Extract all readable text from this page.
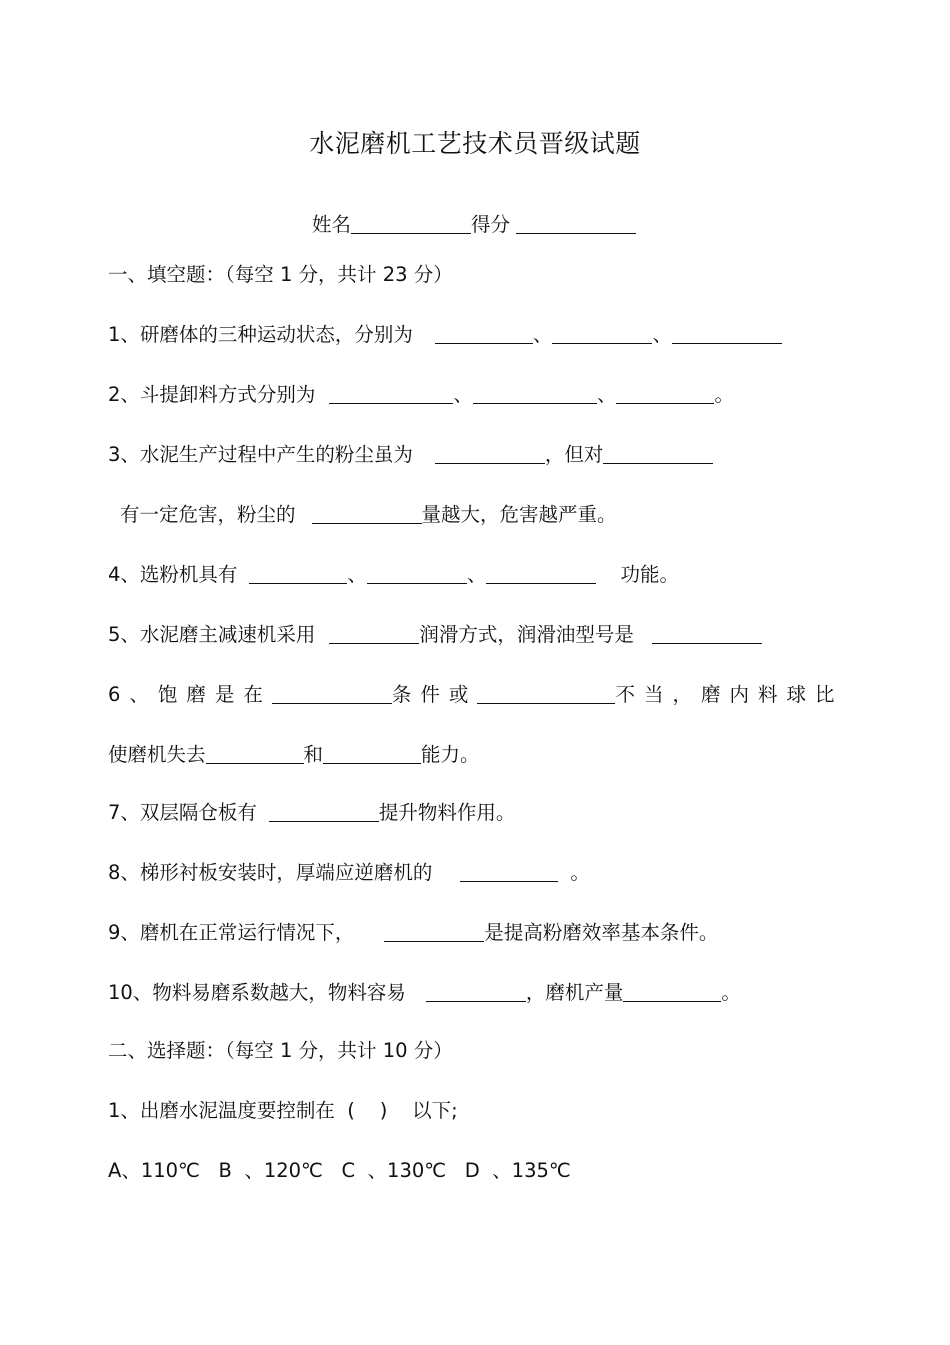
水泥磨机工艺技术员晋级试题
姓名	得分
一、填空题：（每空 1 分，共计 23 分）
1、研磨体的三种运动状态，分别为	、	、
2、斗提卸料方式分别为	、	、	。
3、水泥生产过程中产生的粉尘虽为	，但对
有一定危害，粉尘的	量越大，危害越严重。
4、选粉机具有	、	、	功能。
5、水泥磨主减速机采用	润滑方式，润滑油型号是
6、饱磨是在	条件或	不当，磨内料球比
使磨机失去	和	能力。
7、双层隔仓板有	提升物料作用。
8、梯形衬板安装时，厚端应逆磨机的	。
9、磨机在正常运行情况下，	是提高粉磨效率基本条件。
10、物料易磨系数越大，物料容易	，磨机产量	。
二、选择题：（每空 1 分，共计 10 分）
1、出磨水泥温度要控制在  (    )    以下;
A、110℃   B  、120℃   C  、130℃   D  、135℃
